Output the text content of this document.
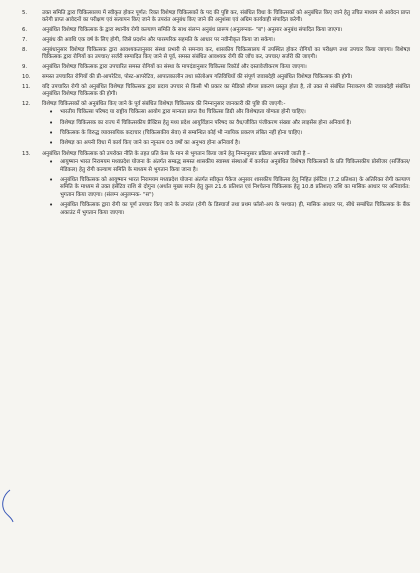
5.	उक्त समिति द्वारा चिकित्सालय में स्वीकृत होकर पूर्णत: रिक्त विशेषज्ञ चिकित्सकों के पद की पुष्टि कर, संबंधित विधा के चिकित्सकों को अनुबंधित किए जाने हेतु उचित माध्यम से आवेदन प्राप्त करेगी प्राप्त आवेदनों का परीक्षण एवं सत्यापन किए जाने के उपरांत अनुबंध किए जाने की अनुशंसा एवं अग्रिम कार्यवाही संपादित करेगी।
6.	अनुबंधित विशेषज्ञ चिकित्सक के द्वारा स्थानीय रोगी कल्याण समिति के साथ संलग्न अनुबंध प्रारूप (अनुलग्नक- "ब") अनुसार अनुबंध संपादित किया जाएगा।
7.	अनुबंध की अवधि एक वर्ष के लिए होगी, जिसे प्रदर्शन और पारस्परिक सहमति के आधार पर नवीनीकृत किया जा सकेगा।
8.	अनुबंधानुसार विशेषज्ञ चिकित्सक द्वारा आवश्यकतानुसार संस्था प्रभारी से समन्वय कर, शासकीय चिकित्सालय में उपस्थित होकर रोगियों का परीक्षण तथा उपचार किया जाएगा। विशेषज्ञ चिकित्सक द्वारा रोगियों का उपचार/ सर्जरी सम्पादित किए जाने से पूर्व, समस्त संबंधित आवश्यक रोगी की जाँच कर, उपचार/ सर्जरी की जाएगी।
9.	अनुबंधित विशेषज्ञ चिकित्सक द्वारा उपचारित समस्त रोगियों का संस्था के मापदंडानुसार चिकित्सा रिकॉर्ड और दस्तावेजीकरण किया जाएगा।
10.	समस्त उपचारित रोगियों की प्री-आपरेटिव, पोस्ट-आपरेटिव, आपातकालीन तथा फ़ॉलोअप गतिविधियों की संपूर्ण जवाबदेही अनुबंधित विशेषज्ञ चिकित्सक की होगी।
11.	यदि उपचारित रोगी को अनुबंधित विशेषज्ञ चिकित्सक द्वारा प्रदाय उपचार से किसी भी प्रकार का मेडिको लीगल प्रकरण प्रस्तुत होता है, तो उक्त से संबंधित निराकरण की जवाबदेही संबंधित अनुबंधित विशेषज्ञ चिकित्सक की होगी।
12.	विशेषज्ञ चिकित्सकों को अनुबंधित किए जाने के पूर्व संबंधित विशेषज्ञ चिकित्सक की निम्नानुसार जानकारी की पुष्टि की जाएगी:-
• भारतीय चिकित्सा परिषद या राष्ट्रीय चिकित्सा आयोग द्वारा मान्यता प्राप्त वैध चिकित्सा डिग्री और विशेषज्ञता योग्यता होनी चाहिए।
• विशेषज्ञ चिकित्सक का राज्य में चिकित्सकीय प्रैक्टिस हेतु मध्य प्रदेश आयुर्विज्ञान परिषद का वैध/जीवित पंजीकरण संख्या और लाइसेंस होना अनिवार्य है।
• चिकित्सक के विरुद्ध व्यावसायिक कदाचार (चिकित्सकीय सेवा) से सम्बन्धित कोई भी न्यायिक प्रकरण लंबित नहीं होना चाहिए।
• विशेषज्ञ का अपनी विधा में कार्य किए जाने का न्यूनतम 03 वर्षों का अनुभव होना अनिवार्य है।
13.	अनुबंधित विशेषज्ञ चिकित्सक को उपरोक्त नीति के तहत प्रति केस के मान से भुगतान किया जाने हेतु निम्नानुसार प्रक्रिया अपनायी जाती है –
• आयुष्मान भारत निरामयम मध्यप्रदेश योजना के अंतर्गत सम्बद्ध समस्त शासकीय स्वास्थ्य संस्थाओं में कार्यरत अनुबंधित विशेषज्ञ चिकित्सकों के प्रति चिकित्सकीय प्रोसीजर (सर्जिकल/मेडिकल) हेतु रोगी कल्याण समिति के माध्यम से भुगतान किया जाना है।
• अनुबंधित चिकित्सक को आयुष्मान भारत निरामयम मध्यप्रदेश योजना अंतर्गत स्वीकृत पैकेज अनुसार शासकीय चिकित्सा हेतु निहित इंसेंटिव (7.2 प्रतिशत) के अतिरिक्त रोगी कल्याण समिति के माध्यम से उक्त इंसेंटिव राशि से दोगुना (अर्थात मुख्य सर्जन हेतु कुल 21.6 प्रतिशत एवं निश्चेतना चिकित्सक हेतु 10.8 प्रतिशत) राशि का मासिक आधार पर अनिवार्यत: भुगतान किया जाएगा। (संलग्न अनुलग्नक- "स")
• अनुबंधित चिकित्सक द्वारा रोगी का पूर्ण उपचार किए जाने के उपरांत (रोगी के डिस्चार्ज तथा प्रथम फ़ॉलो-अप के पश्चात) ही, मासिक आधार पर, सीधे सम्बंधित चिकित्सक के बैंक अकाउंट में भुगतान किया जाएगा।
